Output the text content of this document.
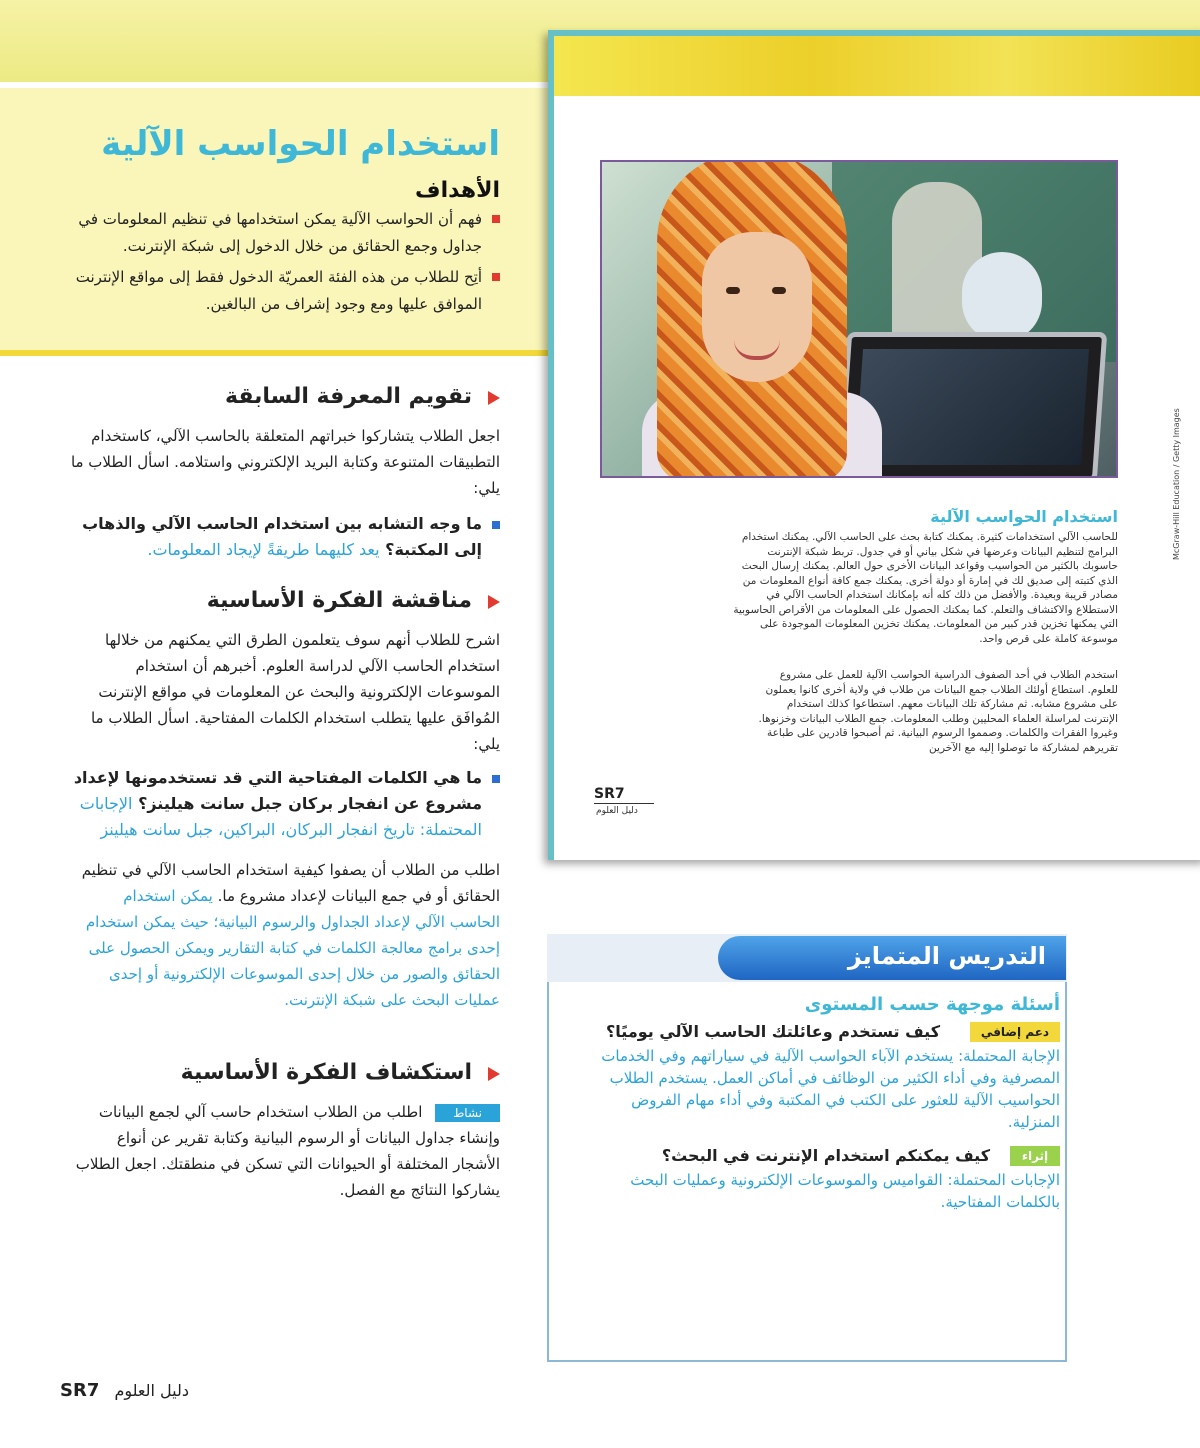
استخدام الحواسب الآلية
الأهداف
فهم أن الحواسب الآلية يمكن استخدامها في تنظيم المعلومات في جداول وجمع الحقائق من خلال الدخول إلى شبكة الإنترنت.
أتِح للطلاب من هذه الفئة العمريّة الدخول فقط إلى مواقع الإنترنت الموافق عليها ومع وجود إشراف من البالغين.
تقويم المعرفة السابقة
اجعل الطلاب يتشاركوا خبراتهم المتعلقة بالحاسب الآلي، كاستخدام التطبيقات المتنوعة وكتابة البريد الإلكتروني واستلامه. اسأل الطلاب ما يلي:
ما وجه التشابه بين استخدام الحاسب الآلي والذهاب إلى المكتبة؟ يعد كليهما طريقةً لإيجاد المعلومات.
مناقشة الفكرة الأساسية
اشرح للطلاب أنهم سوف يتعلمون الطرق التي يمكنهم من خلالها استخدام الحاسب الآلي لدراسة العلوم. أخبرهم أن استخدام الموسوعات الإلكترونية والبحث عن المعلومات في مواقع الإنترنت المُوافَق عليها يتطلب استخدام الكلمات المفتاحية. اسأل الطلاب ما يلي:
ما هي الكلمات المفتاحية التي قد تستخدمونها لإعداد مشروع عن انفجار بركان جبل سانت هيلينز؟ الإجابات المحتملة: تاريخ انفجار البركان، البراكين، جبل سانت هيلينز
اطلب من الطلاب أن يصفوا كيفية استخدام الحاسب الآلي في تنظيم الحقائق أو في جمع البيانات لإعداد مشروع ما. يمكن استخدام الحاسب الآلي لإعداد الجداول والرسوم البيانية؛ حيث يمكن استخدام إحدى برامج معالجة الكلمات في كتابة التقارير ويمكن الحصول على الحقائق والصور من خلال إحدى الموسوعات الإلكترونية أو إحدى عمليات البحث على شبكة الإنترنت.
استكشاف الفكرة الأساسية
نشاط اطلب من الطلاب استخدام حاسب آلي لجمع البيانات وإنشاء جداول البيانات أو الرسوم البيانية وكتابة تقرير عن أنواع الأشجار المختلفة أو الحيوانات التي تسكن في منطقتك. اجعل الطلاب يشاركوا النتائج مع الفصل.
استخدام الحواسب الآلية
للحاسب الآلي استخدامات كثيرة. يمكنك كتابة بحث على الحاسب الآلي. يمكنك استخدام البرامج لتنظيم البيانات وعرضها في شكل بياني أو في جدول. تربط شبكة الإنترنت حاسوبك بالكثير من الحواسيب وقواعد البيانات الأخرى حول العالم. يمكنك إرسال البحث الذي كتبته إلى صديق لك في إمارة أو دولة أخرى. يمكنك جمع كافة أنواع المعلومات من مصادر قريبة وبعيدة. والأفضل من ذلك كله أنه بإمكانك استخدام الحاسب الآلي في الاستطلاع والاكتشاف والتعلم. كما يمكنك الحصول على المعلومات من الأقراص الحاسوبية التي يمكنها تخزين قدر كبير من المعلومات. يمكنك تخزين المعلومات الموجودة على موسوعة كاملة على قرص واحد.
استخدم الطلاب في أحد الصفوف الدراسية الحواسب الآلية للعمل على مشروع للعلوم. استطاع أولئك الطلاب جمع البيانات من طلاب في ولاية أخرى كانوا يعملون على مشروع مشابه. ثم مشاركة تلك البيانات معهم. استطاعوا كذلك استخدام الإنترنت لمراسلة العلماء المحليين وطلب المعلومات. جمع الطلاب البيانات وخزنوها. وغيروا الفقرات والكلمات. وصمموا الرسوم البيانية. ثم أصبحوا قادرين على طباعة تقريرهم لمشاركة ما توصلوا إليه مع الآخرين
SR7
دليل العلوم
McGraw-Hill Education / Getty Images
التدريس المتمايز
أسئلة موجهة حسب المستوى
دعم إضافي
كيف تستخدم وعائلتك الحاسب الآلي يوميًا؟
الإجابة المحتملة: يستخدم الآباء الحواسب الآلية في سياراتهم وفي الخدمات المصرفية وفي أداء الكثير من الوظائف في أماكن العمل. يستخدم الطلاب الحواسيب الآلية للعثور على الكتب في المكتبة وفي أداء مهام الفروض المنزلية.
إثراء
كيف يمكنكم استخدام الإنترنت في البحث؟
الإجابات المحتملة: القواميس والموسوعات الإلكترونية وعمليات البحث بالكلمات المفتاحية.
SR7 دليل العلوم
